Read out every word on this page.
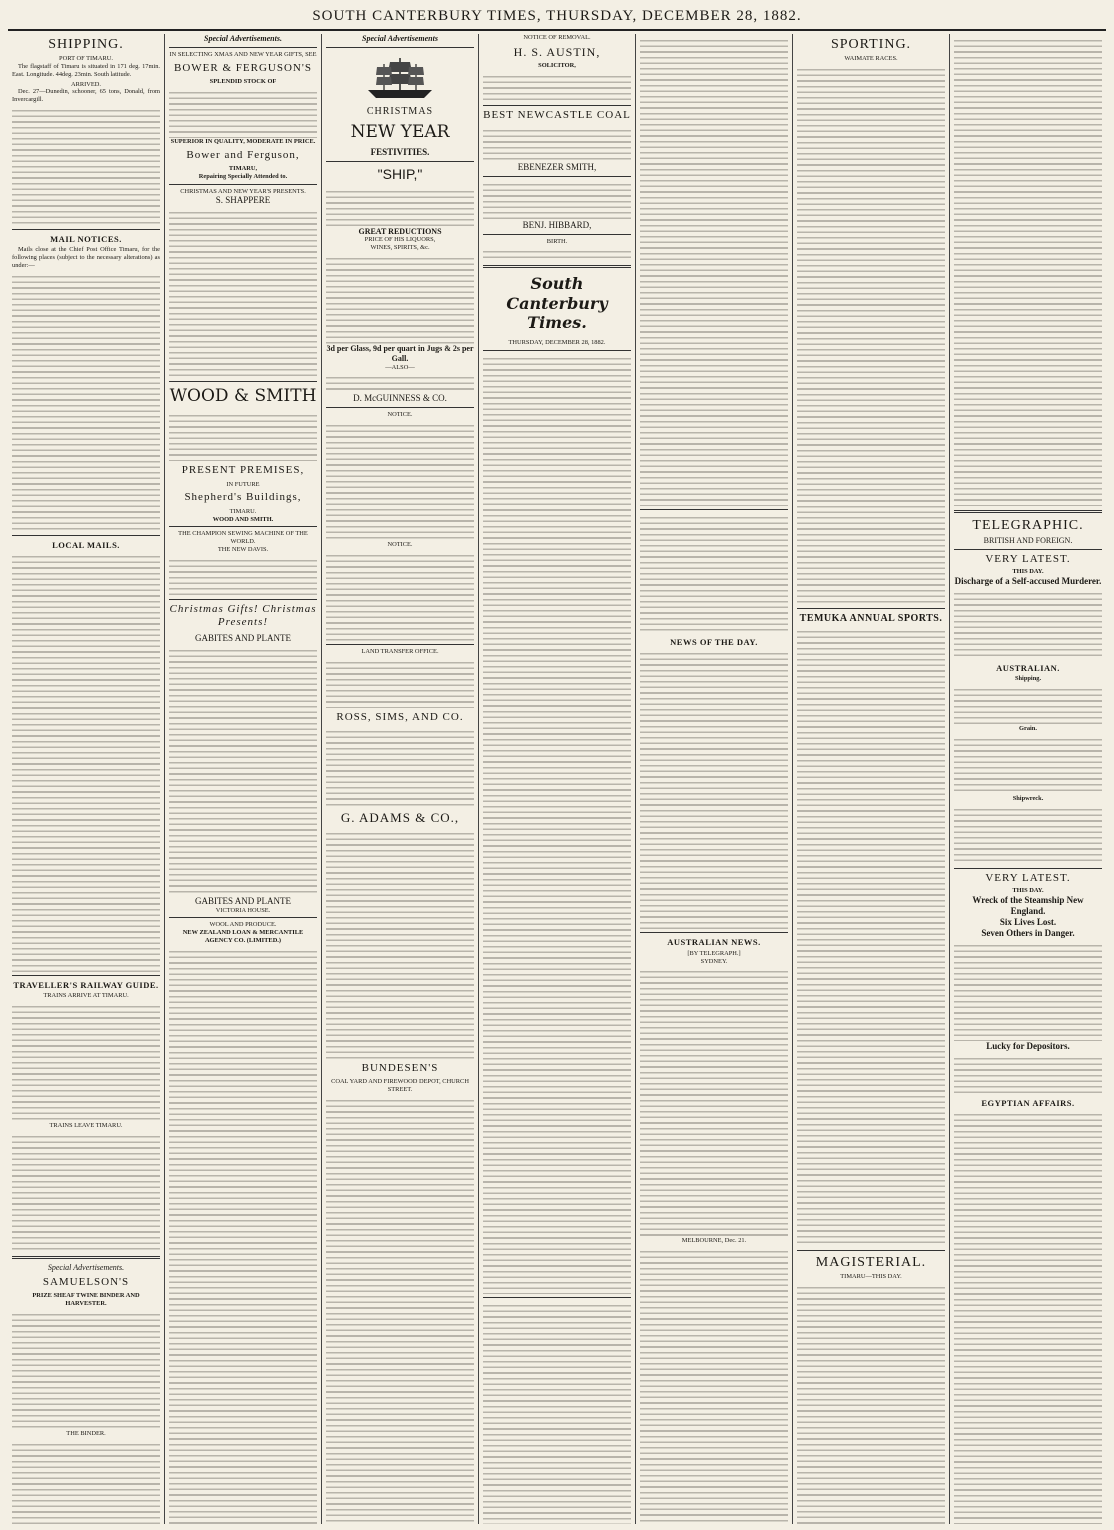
SOUTH CANTERBURY TIMES, THURSDAY, DECEMBER 28, 1882.
SHIPPING.
PORT OF TIMARU.

The flagstaff of Timaru is situated in 171 deg. 17min. East. Longitude. 44deg. 23min. South latitude.

ARRIVED.

Dec. 27—Dunedin, schooner, 65 tons, Donald, from Invercargill.

MAIL NOTICES.

Mails close at the Chief Post Office Timaru, for the following places (subject to the necessary alterations) as under:—

LOCAL MAILS.
TRAVELLER'S RAILWAY GUIDE.
TRAINS ARRIVE AT TIMARU.
TRAINS LEAVE TIMARU.
Special Advertisements.
SAMUELSON'S
PRIZE SHEAF TWINE BINDER AND HARVESTER.
THE BINDER.
Special Advertisements.
IN SELECTING XMAS AND NEW YEAR GIFTS, SEE
BOWER & FERGUSON'S
SPLENDID STOCK OF
SUPERIOR IN QUALITY, MODERATE IN PRICE.
Bower and Ferguson,
TIMARU,
Repairing Specially Attended to.
CHRISTMAS AND NEW YEAR'S PRESENTS.
S. SHAPPERE
WOOD & SMITH
PRESENT PREMISES,
IN FUTURE
Shepherd's Buildings,
TIMARU.
WOOD AND SMITH.
THE CHAMPION SEWING MACHINE OF THE WORLD.
THE NEW DAVIS.
Christmas Gifts! Christmas Presents!
GABITES AND PLANTE
GABITES AND PLANTE
VICTORIA HOUSE.
WOOL AND PRODUCE.
NEW ZEALAND LOAN & MERCANTILE AGENCY CO. (LIMITED.)
Special Advertisements
CHRISTMAS
NEW YEAR
FESTIVITIES.
"SHIP,"
GREAT REDUCTIONS
PRICE OF HIS LIQUORS,
WINES, SPIRITS, &c.
3d per Glass, 9d per quart in Jugs & 2s per Gall.
—ALSO—
D. McGUINNESS & CO.
NOTICE.
NOTICE.
LAND TRANSFER OFFICE.
ROSS, SIMS, AND CO.
G. ADAMS & CO.,
BUNDESEN'S
COAL YARD AND FIREWOOD DEPOT, CHURCH STREET.
NOTICE OF REMOVAL.
H. S. AUSTIN,
SOLICITOR,
BEST NEWCASTLE COAL
EBENEZER SMITH,
BENJ. HIBBARD,
BIRTH.
South Canterbury Times.
THURSDAY, DECEMBER 28, 1882.
NEWS OF THE DAY.
AUSTRALIAN NEWS.
[BY TELEGRAPH.]
SYDNEY.
MELBOURNE, Dec. 21.
SPORTING.
WAIMATE RACES.
TEMUKA ANNUAL SPORTS.
MAGISTERIAL.
TIMARU—THIS DAY.
TELEGRAPHIC.
BRITISH AND FOREIGN.
VERY LATEST.
THIS DAY.
Discharge of a Self-accused Murderer.
AUSTRALIAN.
Shipping.
Grain.
Shipwreck.
VERY LATEST.
THIS DAY.
Wreck of the Steamship New England.
Six Lives Lost.
Seven Others in Danger.
Lucky for Depositors.
EGYPTIAN AFFAIRS.
